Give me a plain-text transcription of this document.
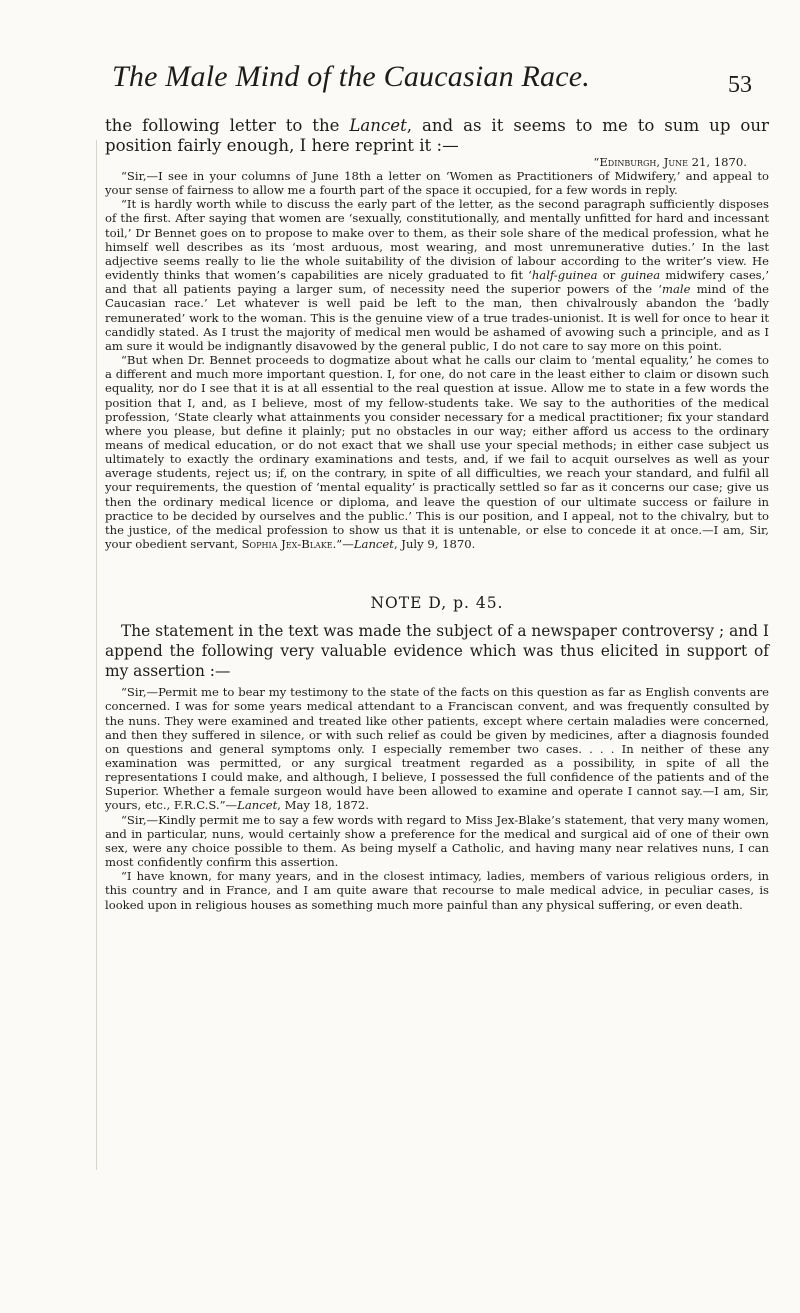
The Male Mind of the Caucasian Race.	53

the following letter to the Lancet, and as it seems to me to sum up our position fairly enough, I here reprint it :—

“Edinburgh, June 21, 1870.

“Sir,—I see in your columns of June 18th a letter on ‘Women as Practitioners of Midwifery,’ and appeal to your sense of fairness to allow me a fourth part of the space it occupied, for a few words in reply.

“It is hardly worth while to discuss the early part of the letter, as the second paragraph sufficiently disposes of the first. After saying that women are ‘sexually, constitutionally, and mentally unfitted for hard and incessant toil,’ Dr Bennet goes on to propose to make over to them, as their sole share of the medical profession, what he himself well describes as its ‘most arduous, most wearing, and most unremunerative duties.’ In the last adjective seems really to lie the whole suitability of the division of labour according to the writer’s view. He evidently thinks that women’s capabilities are nicely graduated to fit ‘half-guinea or guinea midwifery cases,’ and that all patients paying a larger sum, of necessity need the superior powers of the ‘male mind of the Caucasian race.’ Let whatever is well paid be left to the man, then chivalrously abandon the ‘badly remunerated’ work to the woman. This is the genuine view of a true trades-unionist. It is well for once to hear it candidly stated. As I trust the majority of medical men would be ashamed of avowing such a principle, and as I am sure it would be indignantly disavowed by the general public, I do not care to say more on this point.

“But when Dr. Bennet proceeds to dogmatize about what he calls our claim to ‘mental equality,’ he comes to a different and much more important question. I, for one, do not care in the least either to claim or disown such equality, nor do I see that it is at all essential to the real question at issue. Allow me to state in a few words the position that I, and, as I believe, most of my fellow-students take. We say to the authorities of the medical profession, ‘State clearly what attainments you consider necessary for a medical practitioner; fix your standard where you please, but define it plainly; put no obstacles in our way; either afford us access to the ordinary means of medical education, or do not exact that we shall use your special methods; in either case subject us ultimately to exactly the ordinary examinations and tests, and, if we fail to acquit ourselves as well as your average students, reject us; if, on the contrary, in spite of all difficulties, we reach your standard, and fulfil all your requirements, the question of ‘mental equality’ is practically settled so far as it concerns our case; give us then the ordinary medical licence or diploma, and leave the question of our ultimate success or failure in practice to be decided by ourselves and the public.’ This is our position, and I appeal, not to the chivalry, but to the justice, of the medical profession to show us that it is untenable, or else to concede it at once.—I am, Sir, your obedient servant, Sophia Jex-Blake.”—Lancet, July 9, 1870.

NOTE D, p. 45.

The statement in the text was made the subject of a newspaper controversy ; and I append the following very valuable evidence which was thus elicited in support of my assertion :—

“Sir,—Permit me to bear my testimony to the state of the facts on this question as far as English convents are concerned. I was for some years medical attendant to a Franciscan convent, and was frequently consulted by the nuns. They were examined and treated like other patients, except where certain maladies were concerned, and then they suffered in silence, or with such relief as could be given by medicines, after a diagnosis founded on questions and general symptoms only. I especially remember two cases. . . . In neither of these any examination was permitted, or any surgical treatment regarded as a possibility, in spite of all the representations I could make, and although, I believe, I possessed the full confidence of the patients and of the Superior. Whether a female surgeon would have been allowed to examine and operate I cannot say.—I am, Sir, yours, etc., F.R.C.S.”—Lancet, May 18, 1872.

“Sir,—Kindly permit me to say a few words with regard to Miss Jex-Blake’s statement, that very many women, and in particular, nuns, would certainly show a preference for the medical and surgical aid of one of their own sex, were any choice possible to them. As being myself a Catholic, and having many near relatives nuns, I can most confidently confirm this assertion.

“I have known, for many years, and in the closest intimacy, ladies, members of various religious orders, in this country and in France, and I am quite aware that recourse to male medical advice, in peculiar cases, is looked upon in religious houses as something much more painful than any physical suffering, or even death.
